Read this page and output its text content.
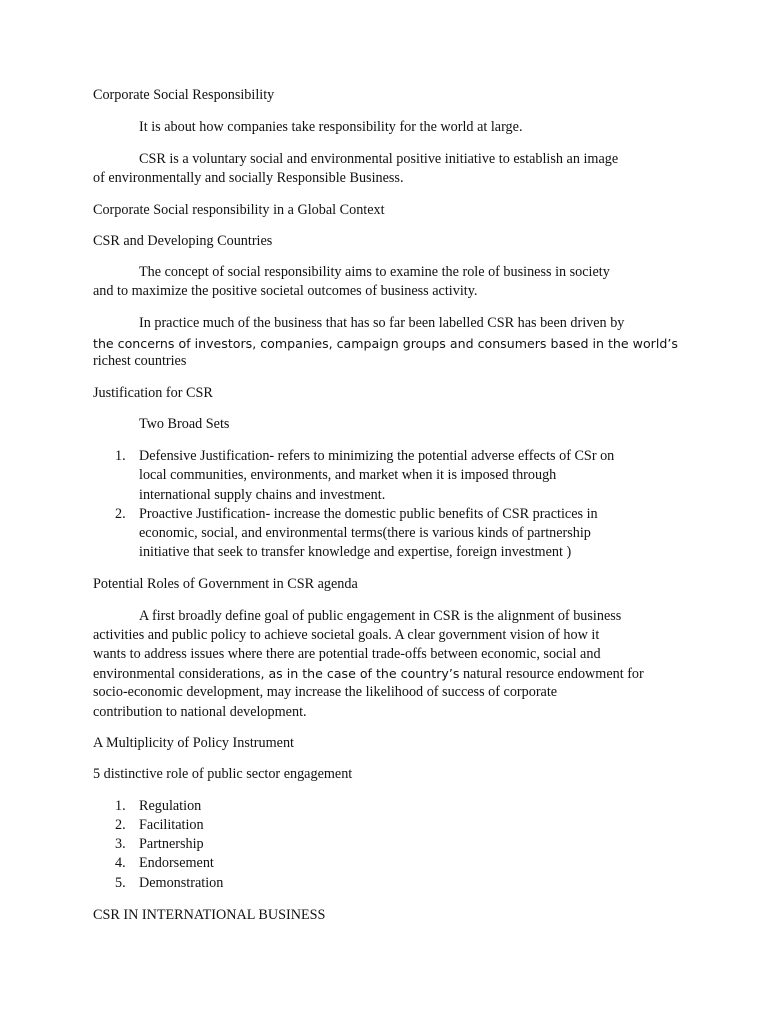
Corporate Social Responsibility
It is about how companies take responsibility for the world at large.
CSR is a voluntary social and environmental positive initiative to establish an image
of environmentally and socially Responsible Business.
Corporate Social responsibility in a Global Context
CSR and Developing Countries
The concept of social responsibility aims to examine the role of business in society
and to maximize the positive societal outcomes of business activity.
In practice much of the business that has so far been labelled CSR has been driven by
the concerns of investors, companies, campaign groups and consumers based in the world’s
richest countries
Justification for CSR
Two Broad Sets
1. Defensive Justification- refers to minimizing the potential adverse effects of CSr on
local communities, environments, and market when it is imposed through
international supply chains and investment.
2. Proactive Justification- increase the domestic public benefits of CSR practices in
economic, social, and environmental terms(there is various kinds of partnership
initiative that seek to transfer knowledge and expertise, foreign investment )
Potential Roles of Government in CSR agenda
A first broadly define goal of public engagement in CSR is the alignment of business
activities and public policy to achieve societal goals. A clear government vision of how it
wants to address issues where there are potential trade-offs between economic, social and
environmental considerations, as in the case of the country’s natural resource endowment for
socio-economic development, may increase the likelihood of success of corporate
contribution to national development.
A Multiplicity of Policy Instrument
5 distinctive role of public sector engagement
1. Regulation
2. Facilitation
3. Partnership
4. Endorsement
5. Demonstration
CSR IN INTERNATIONAL BUSINESS
